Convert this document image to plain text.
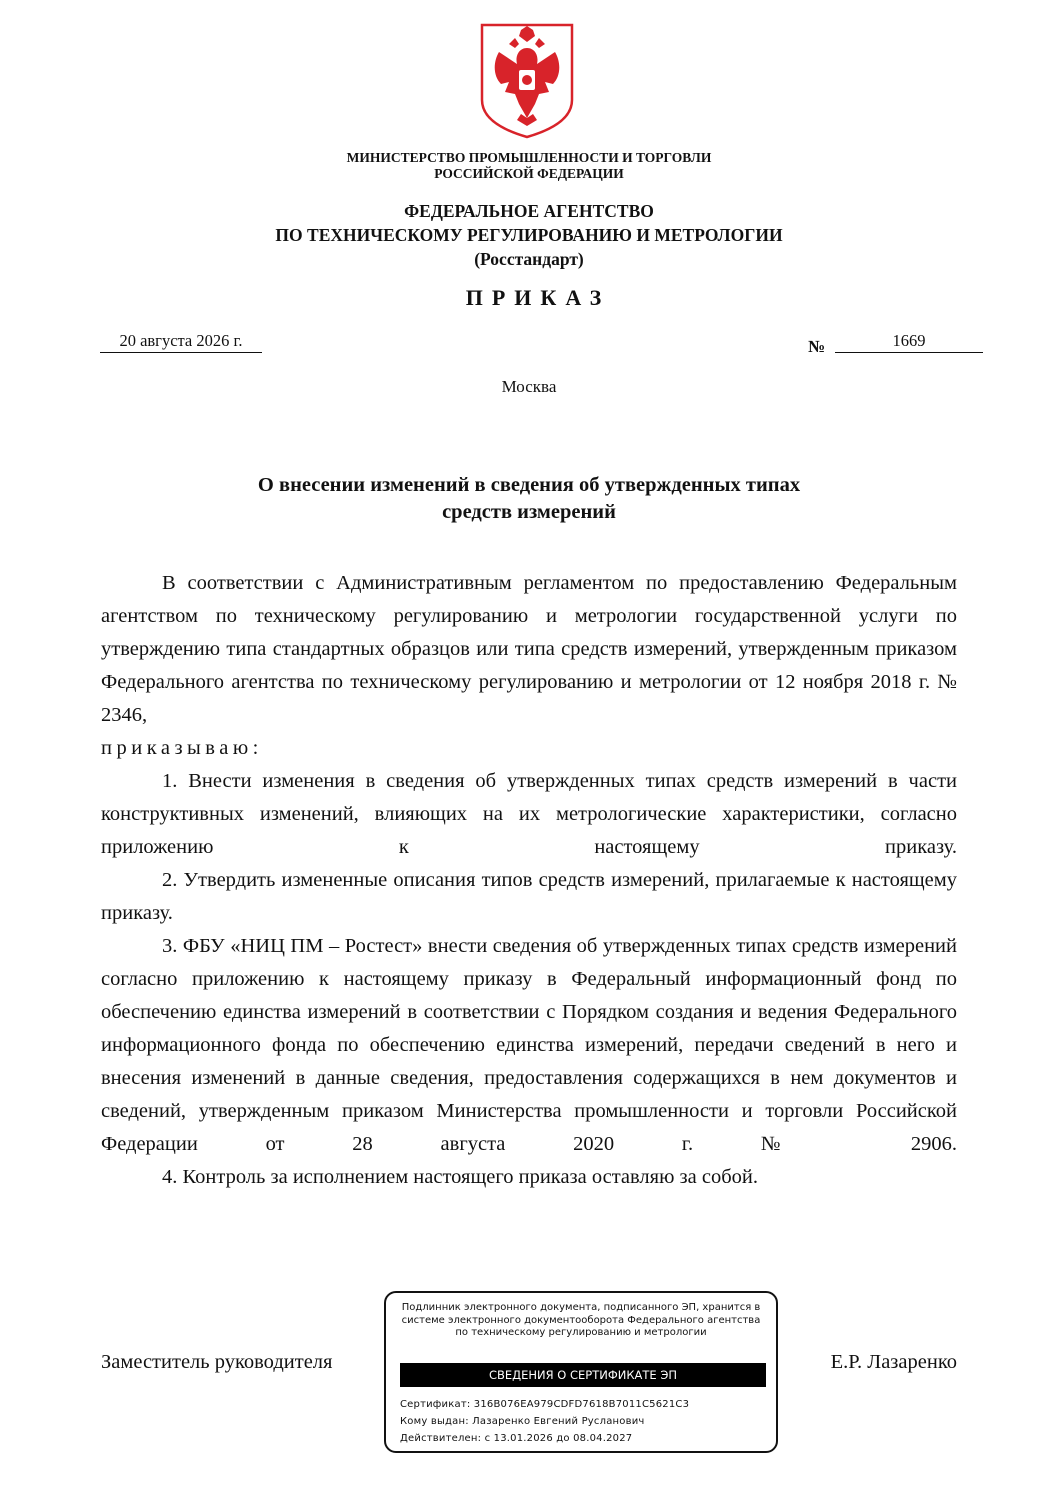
МИНИСТЕРСТВО ПРОМЫШЛЕННОСТИ И ТОРГОВЛИ
РОССИЙСКОЙ ФЕДЕРАЦИИ
ФЕДЕРАЛЬНОЕ АГЕНТСТВО
ПО ТЕХНИЧЕСКОМУ РЕГУЛИРОВАНИЮ И МЕТРОЛОГИИ
(Росстандарт)
ПРИКАЗ
20 августа 2026 г.	№	1669
Москва
О внесении изменений в сведения об утвержденных типах
средств измерений

В соответствии с Административным регламентом по предоставлению Федеральным агентством по техническому регулированию и метрологии государственной услуги по утверждению типа стандартных образцов или типа средств измерений, утвержденным приказом Федерального агентства по техническому регулированию и метрологии от 12 ноября 2018 г. № 2346,

приказываю:

1. Внести изменения в сведения об утвержденных типах средств измерений в части конструктивных изменений, влияющих на их метрологические характеристики, согласно приложению к настоящему приказу.

2. Утвердить измененные описания типов средств измерений, прилагаемые к настоящему приказу.

3. ФБУ «НИЦ ПМ – Ростест» внести сведения об утвержденных типах средств измерений согласно приложению к настоящему приказу в Федеральный информационный фонд по обеспечению единства измерений в соответствии с Порядком создания и ведения Федерального информационного фонда по обеспечению единства измерений, передачи сведений в него и внесения изменений в данные сведения, предоставления содержащихся в нем документов и сведений, утвержденным приказом Министерства промышленности и торговли Российской Федерации от 28 августа 2020 г. № 2906.

4. Контроль за исполнением настоящего приказа оставляю за собой.

Заместитель руководителя	Е.Р. Лазаренко
Подлинник электронного документа, подписанного ЭП, хранится в системе электронного документооборота Федерального агентства по техническому регулированию и метрологии
СВЕДЕНИЯ О СЕРТИФИКАТЕ ЭП
Сертификат: 316B076EA979CDFD7618B7011C5621C3
Кому выдан: Лазаренко Евгений Русланович
Действителен: с 13.01.2026 до 08.04.2027
